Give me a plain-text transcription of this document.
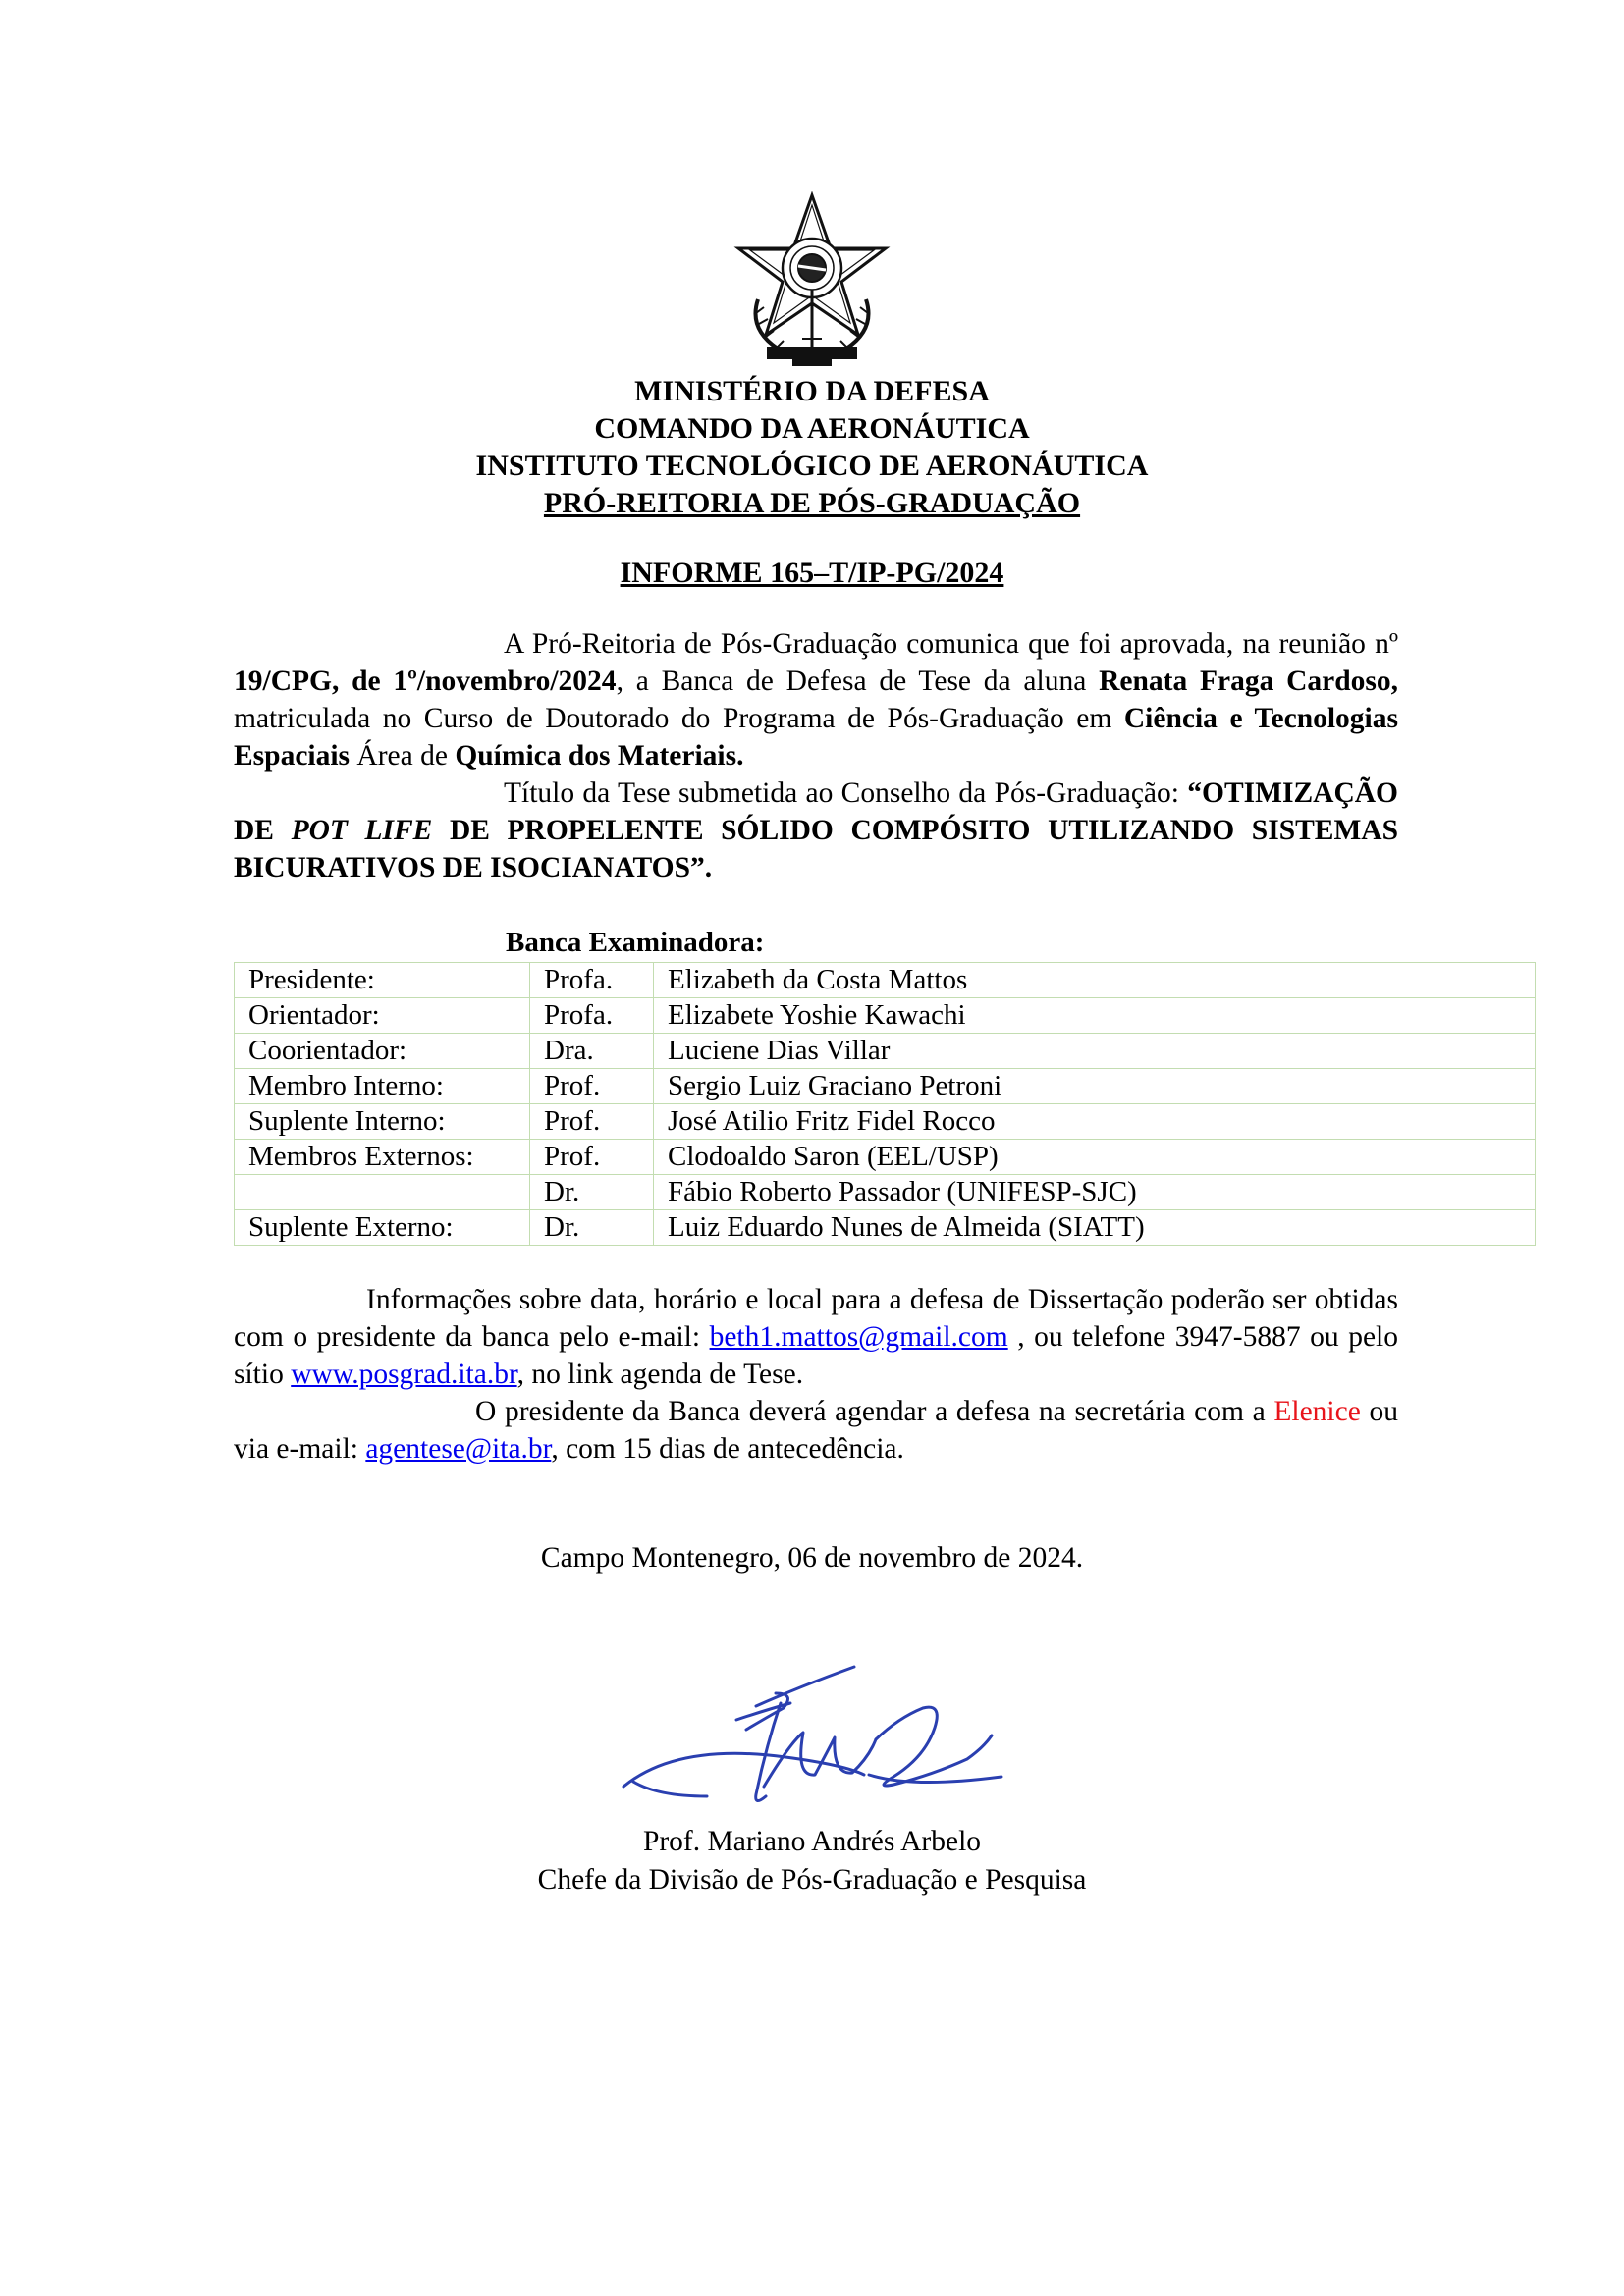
MINISTÉRIO DA DEFESA
COMANDO DA AERONÁUTICA
INSTITUTO TECNOLÓGICO DE AERONÁUTICA
PRÓ-REITORIA DE PÓS-GRADUAÇÃO
INFORME 165–T/IP-PG/2024
A Pró-Reitoria de Pós-Graduação comunica que foi aprovada, na reunião nº 19/CPG, de 1º/novembro/2024, a Banca de Defesa de Tese da aluna Renata Fraga Cardoso, matriculada no Curso de Doutorado do Programa de Pós-Graduação em Ciência e Tecnologias Espaciais Área de Química dos Materiais.
Título da Tese submetida ao Conselho da Pós-Graduação: “OTIMIZAÇÃO DE POT LIFE DE PROPELENTE SÓLIDO COMPÓSITO UTILIZANDO SISTEMAS BICURATIVOS DE ISOCIANATOS”.
Banca Examinadora:
Presidente:	Profa.	Elizabeth da Costa Mattos
Orientador:	Profa.	Elizabete Yoshie Kawachi
Coorientador:	Dra.	Luciene Dias Villar
Membro Interno:	Prof.	Sergio Luiz Graciano Petroni
Suplente Interno:	Prof.	José Atilio Fritz Fidel Rocco
Membros Externos:	Prof.	Clodoaldo Saron (EEL/USP)
	Dr.	Fábio Roberto Passador (UNIFESP-SJC)
Suplente Externo:	Dr.	Luiz Eduardo Nunes de Almeida (SIATT)
Informações sobre data, horário e local para a defesa de Dissertação poderão ser obtidas com o presidente da banca pelo e-mail: beth1.mattos@gmail.com , ou telefone 3947-5887 ou pelo sítio www.posgrad.ita.br, no link agenda de Tese.
O presidente da Banca deverá agendar a defesa na secretária com a Elenice ou via e-mail: agentese@ita.br, com 15 dias de antecedência.
Campo Montenegro, 06 de novembro de 2024.
Prof. Mariano Andrés Arbelo
Chefe da Divisão de Pós-Graduação e Pesquisa
